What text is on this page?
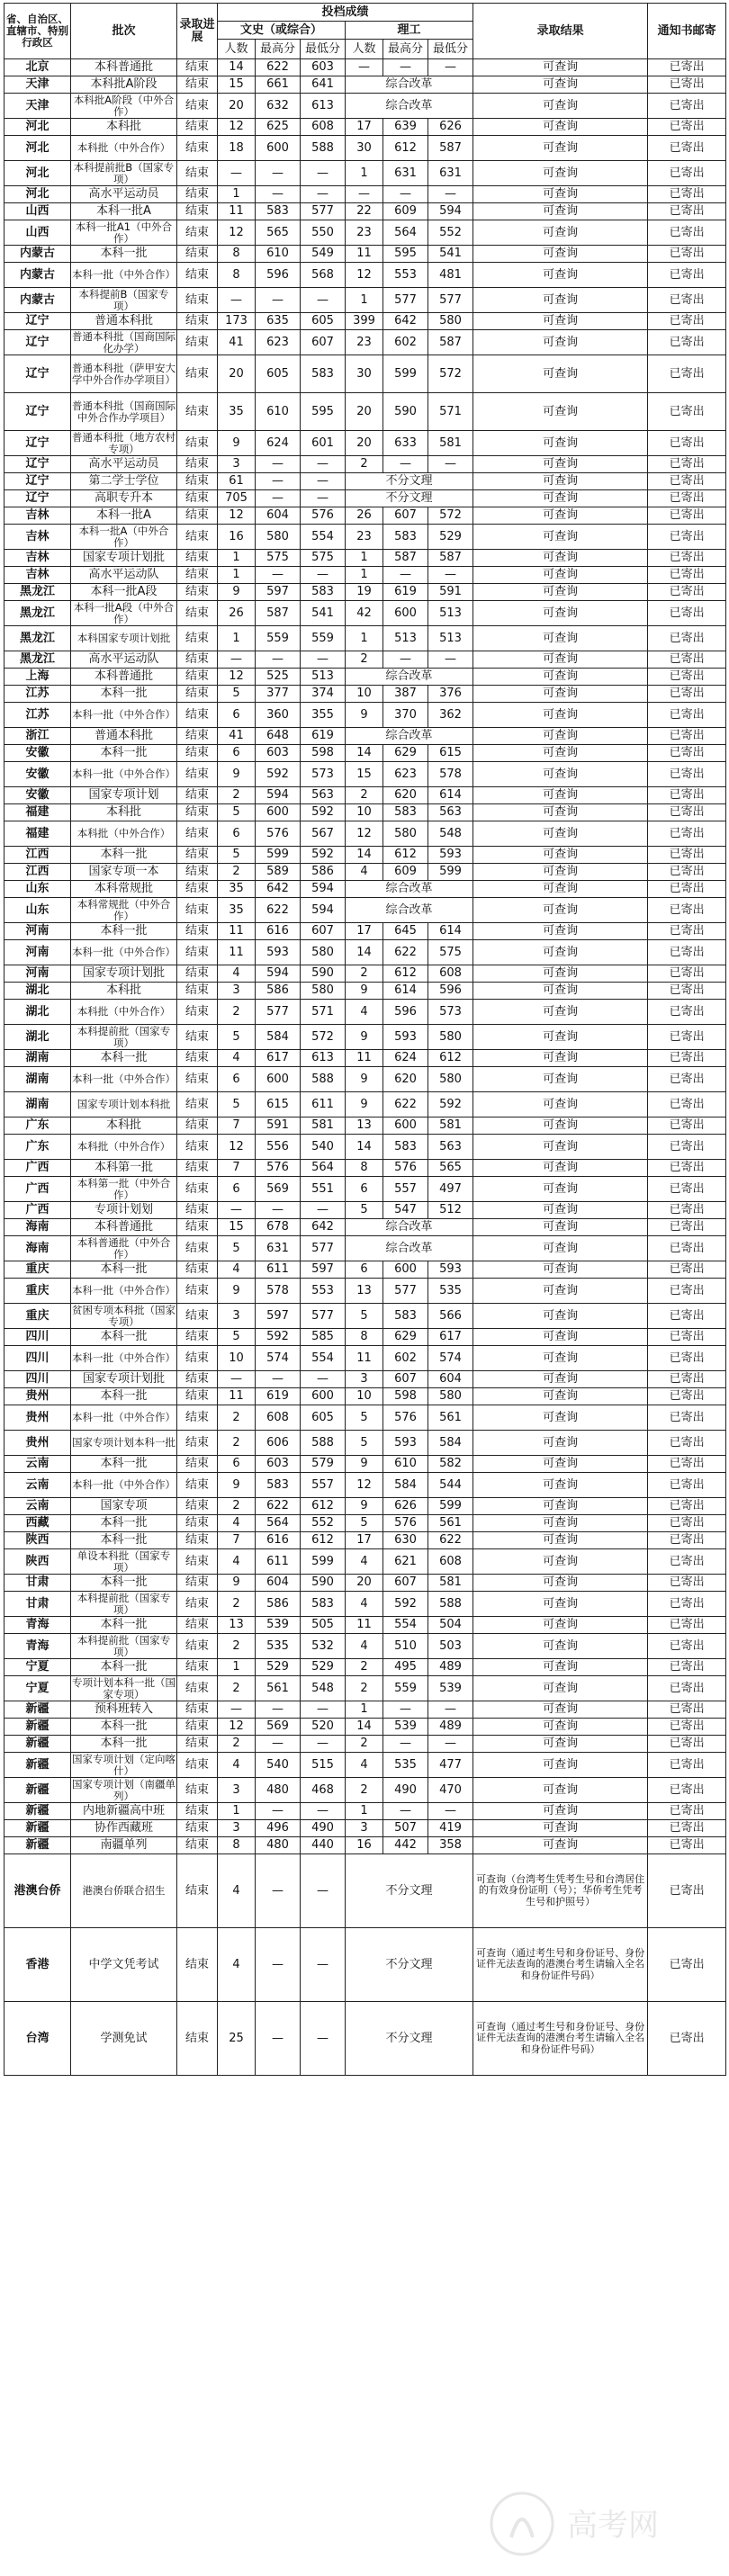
省、自治区、直辖市、特别行政区	批次	录取进展	投档成绩						录取结果	通知书邮寄
			文史（或综合）			理工				
			人数	最高分	最低分	人数	最高分	最低分		
北京	本科普通批	结束	14	622	603	—	—	—	可查询	已寄出
天津	本科批A阶段	结束	15	661	641	综合改革			可查询	已寄出
天津	本科批A阶段（中外合作）	结束	20	632	613	综合改革			可查询	已寄出
河北	本科批	结束	12	625	608	17	639	626	可查询	已寄出
河北	本科批（中外合作）	结束	18	600	588	30	612	587	可查询	已寄出
河北	本科提前批B（国家专项）	结束	—	—	—	1	631	631	可查询	已寄出
河北	高水平运动员	结束	1	—	—	—	—	—	可查询	已寄出
山西	本科一批A	结束	11	583	577	22	609	594	可查询	已寄出
山西	本科一批A1（中外合作）	结束	12	565	550	23	564	552	可查询	已寄出
内蒙古	本科一批	结束	8	610	549	11	595	541	可查询	已寄出
内蒙古	本科一批（中外合作）	结束	8	596	568	12	553	481	可查询	已寄出
内蒙古	本科提前B（国家专项）	结束	—	—	—	1	577	577	可查询	已寄出
辽宁	普通本科批	结束	173	635	605	399	642	580	可查询	已寄出
辽宁	普通本科批（国商国际化办学）	结束	41	623	607	23	602	587	可查询	已寄出
辽宁	普通本科批（萨甲安大学中外合作办学项目）	结束	20	605	583	30	599	572	可查询	已寄出
辽宁	普通本科批（国商国际中外合作办学项目）	结束	35	610	595	20	590	571	可查询	已寄出
辽宁	普通本科批（地方农村专项）	结束	9	624	601	20	633	581	可查询	已寄出
辽宁	高水平运动员	结束	3	—	—	2	—	—	可查询	已寄出
辽宁	第二学士学位	结束	61	—	—	不分文理			可查询	已寄出
辽宁	高职专升本	结束	705	—	—	不分文理			可查询	已寄出
吉林	本科一批A	结束	12	604	576	26	607	572	可查询	已寄出
吉林	本科一批A（中外合作）	结束	16	580	554	23	583	529	可查询	已寄出
吉林	国家专项计划批	结束	1	575	575	1	587	587	可查询	已寄出
吉林	高水平运动队	结束	1	—	—	1	—	—	可查询	已寄出
黑龙江	本科一批A段	结束	9	597	583	19	619	591	可查询	已寄出
黑龙江	本科一批A段（中外合作）	结束	26	587	541	42	600	513	可查询	已寄出
黑龙江	本科国家专项计划批	结束	1	559	559	1	513	513	可查询	已寄出
黑龙江	高水平运动队	结束	—	—	—	2	—	—	可查询	已寄出
上海	本科普通批	结束	12	525	513	综合改革			可查询	已寄出
江苏	本科一批	结束	5	377	374	10	387	376	可查询	已寄出
江苏	本科一批（中外合作）	结束	6	360	355	9	370	362	可查询	已寄出
浙江	普通本科批	结束	41	648	619	综合改革			可查询	已寄出
安徽	本科一批	结束	6	603	598	14	629	615	可查询	已寄出
安徽	本科一批（中外合作）	结束	9	592	573	15	623	578	可查询	已寄出
安徽	国家专项计划	结束	2	594	563	2	620	614	可查询	已寄出
福建	本科批	结束	5	600	592	10	583	563	可查询	已寄出
福建	本科批（中外合作）	结束	6	576	567	12	580	548	可查询	已寄出
江西	本科一批	结束	5	599	592	14	612	593	可查询	已寄出
江西	国家专项一本	结束	2	589	586	4	609	599	可查询	已寄出
山东	本科常规批	结束	35	642	594	综合改革			可查询	已寄出
山东	本科常规批（中外合作）	结束	35	622	594	综合改革			可查询	已寄出
河南	本科一批	结束	11	616	607	17	645	614	可查询	已寄出
河南	本科一批（中外合作）	结束	11	593	580	14	622	575	可查询	已寄出
河南	国家专项计划批	结束	4	594	590	2	612	608	可查询	已寄出
湖北	本科批	结束	3	586	580	9	614	596	可查询	已寄出
湖北	本科批（中外合作）	结束	2	577	571	4	596	573	可查询	已寄出
湖北	本科提前批（国家专项）	结束	5	584	572	9	593	580	可查询	已寄出
湖南	本科一批	结束	4	617	613	11	624	612	可查询	已寄出
湖南	本科一批（中外合作）	结束	6	600	588	9	620	580	可查询	已寄出
湖南	国家专项计划本科批	结束	5	615	611	9	622	592	可查询	已寄出
广东	本科批	结束	7	591	581	13	600	581	可查询	已寄出
广东	本科批（中外合作）	结束	12	556	540	14	583	563	可查询	已寄出
广西	本科第一批	结束	7	576	564	8	576	565	可查询	已寄出
广西	本科第一批（中外合作）	结束	6	569	551	6	557	497	可查询	已寄出
广西	专项计划划	结束	—	—	—	5	547	512	可查询	已寄出
海南	本科普通批	结束	15	678	642	综合改革			可查询	已寄出
海南	本科普通批（中外合作）	结束	5	631	577	综合改革			可查询	已寄出
重庆	本科一批	结束	4	611	597	6	600	593	可查询	已寄出
重庆	本科一批（中外合作）	结束	9	578	553	13	577	535	可查询	已寄出
重庆	贫困专项本科批（国家专项）	结束	3	597	577	5	583	566	可查询	已寄出
四川	本科一批	结束	5	592	585	8	629	617	可查询	已寄出
四川	本科一批（中外合作）	结束	10	574	554	11	602	574	可查询	已寄出
四川	国家专项计划批	结束	—	—	—	3	607	604	可查询	已寄出
贵州	本科一批	结束	11	619	600	10	598	580	可查询	已寄出
贵州	本科一批（中外合作）	结束	2	608	605	5	576	561	可查询	已寄出
贵州	国家专项计划本科一批	结束	2	606	588	5	593	584	可查询	已寄出
云南	本科一批	结束	6	603	579	9	610	582	可查询	已寄出
云南	本科一批（中外合作）	结束	9	583	557	12	584	544	可查询	已寄出
云南	国家专项	结束	2	622	612	9	626	599	可查询	已寄出
西藏	本科一批	结束	4	564	552	5	576	561	可查询	已寄出
陕西	本科一批	结束	7	616	612	17	630	622	可查询	已寄出
陕西	单设本科批（国家专项）	结束	4	611	599	4	621	608	可查询	已寄出
甘肃	本科一批	结束	9	604	590	20	607	581	可查询	已寄出
甘肃	本科提前批（国家专项）	结束	2	586	583	4	592	588	可查询	已寄出
青海	本科一批	结束	13	539	505	11	554	504	可查询	已寄出
青海	本科提前批（国家专项）	结束	2	535	532	4	510	503	可查询	已寄出
宁夏	本科一批	结束	1	529	529	2	495	489	可查询	已寄出
宁夏	专项计划本科一批（国家专项）	结束	2	561	548	2	559	539	可查询	已寄出
新疆	预科班转入	结束	—	—	—	1	—	—	可查询	已寄出
新疆	本科一批	结束	12	569	520	14	539	489	可查询	已寄出
新疆	本科一批	结束	2	—	—	2	—	—	可查询	已寄出
新疆	国家专项计划（定向喀什）	结束	4	540	515	4	535	477	可查询	已寄出
新疆	国家专项计划（南疆单列）	结束	3	480	468	2	490	470	可查询	已寄出
新疆	内地新疆高中班	结束	1	—	—	1	—	—	可查询	已寄出
新疆	协作西藏班	结束	3	496	490	3	507	419	可查询	已寄出
新疆	南疆单列	结束	8	480	440	16	442	358	可查询	已寄出
港澳台侨	港澳台侨联合招生	结束	4	—	—	不分文理			可查询（台湾考生凭考生号和台湾居住的有效身份证明（号）；华侨考生凭考生号和护照号）	已寄出
香港	中学文凭考试	结束	4	—	—	不分文理			可查询（通过考生号和身份证号、身份证件无法查询的港澳台考生请输入全名和身份证件号码）	已寄出
台湾	学测免试	结束	25	—	—	不分文理			可查询（通过考生号和身份证号、身份证件无法查询的港澳台考生请输入全名和身份证件号码）	已寄出
高考网
